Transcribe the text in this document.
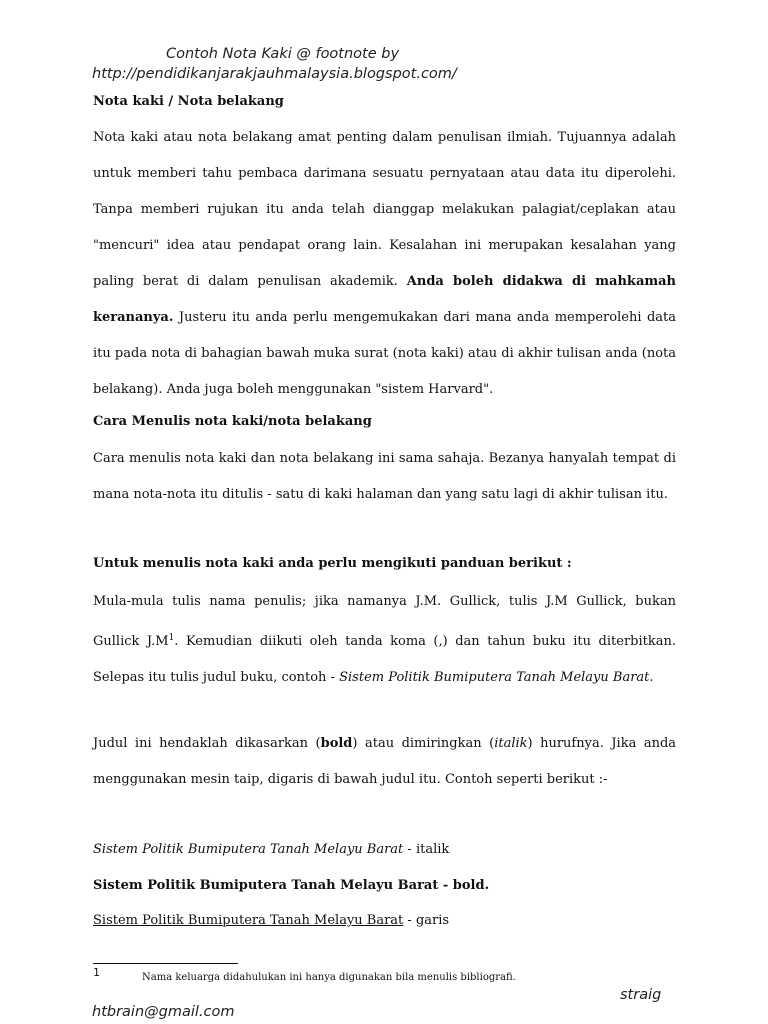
Contoh Nota Kaki @ footnote by
http://pendidikanjarakjauhmalaysia.blogspot.com/
Nota kaki / Nota belakang

Nota kaki atau nota belakang amat penting dalam penulisan ilmiah. Tujuannya adalah untuk memberi tahu pembaca darimana sesuatu pernyataan atau data itu diperolehi. Tanpa memberi rujukan itu anda telah dianggap melakukan palagiat/ceplakan atau "mencuri" idea atau pendapat orang lain. Kesalahan ini merupakan kesalahan yang paling berat di dalam penulisan akademik. Anda boleh didakwa di mahkamah kerananya. Justeru itu anda perlu mengemukakan dari mana anda memperolehi data itu pada nota di bahagian bawah muka surat (nota kaki) atau di akhir tulisan anda (nota belakang). Anda juga boleh menggunakan "sistem Harvard".

Cara Menulis nota kaki/nota belakang

Cara menulis nota kaki dan nota belakang ini sama sahaja. Bezanya hanyalah tempat di mana nota-nota itu ditulis - satu di kaki halaman dan yang satu lagi di akhir tulisan itu.

Untuk menulis nota kaki anda perlu mengikuti panduan berikut :

Mula-mula tulis nama penulis; jika namanya J.M. Gullick, tulis J.M Gullick, bukan Gullick $J.M^1$. Kemudian diikuti oleh tanda koma (,) dan tahun buku itu diterbitkan. Selepas itu tulis judul buku, contoh - Sistem Politik Bumiputera Tanah Melayu Barat.

Judul ini hendaklah dikasarkan (bold) atau dimiringkan (italik) hurufnya. Jika anda menggunakan mesin taip, digaris di bawah judul itu. Contoh seperti berikut :-

Sistem Politik Bumiputera Tanah Melayu Barat - italik
Sistem Politik Bumiputera Tanah Melayu Barat - bold.
Sistem Politik Bumiputera Tanah Melayu Barat - garis
1	Nama keluarga didahulukan ini hanya digunakan bila menulis bibliografi.
straig
htbrain@gmail.com
